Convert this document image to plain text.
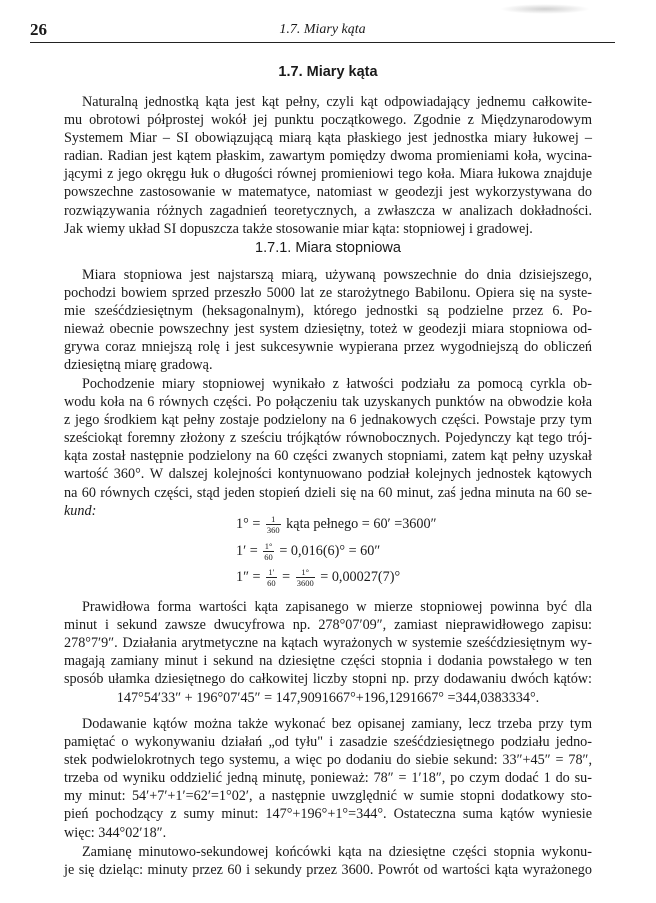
26	1.7. Miary kąta
1.7. Miary kąta
Naturalną jednostką kąta jest kąt pełny, czyli kąt odpowiadający jednemu całkowite-
mu obrotowi półprostej wokół jej punktu początkowego. Zgodnie z Międzynarodowym
Systemem Miar – SI obowiązującą miarą kąta płaskiego jest jednostka miary łukowej –
radian. Radian jest kątem płaskim, zawartym pomiędzy dwoma promieniami koła, wycina-
jącymi z jego okręgu łuk o długości równej promieniowi tego koła. Miara łukowa znajduje
powszechne zastosowanie w matematyce, natomiast w geodezji jest wykorzystywana do
rozwiązywania różnych zagadnień teoretycznych, a zwłaszcza w analizach dokładności.
Jak wiemy układ SI dopuszcza także stosowanie miar kąta: stopniowej i gradowej.
1.7.1. Miara stopniowa
Miara stopniowa jest najstarszą miarą, używaną powszechnie do dnia dzisiejszego,
pochodzi bowiem sprzed przeszło 5000 lat ze starożytnego Babilonu. Opiera się na syste-
mie sześćdziesiętnym (heksagonalnym), którego jednostki są podzielne przez 6. Po-
nieważ obecnie powszechny jest system dziesiętny, toteż w geodezji miara stopniowa od-
grywa coraz mniejszą rolę i jest sukcesywnie wypierana przez wygodniejszą do obliczeń
dziesiętną miarę gradową.
Pochodzenie miary stopniowej wynikało z łatwości podziału za pomocą cyrkla ob-
wodu koła na 6 równych części. Po połączeniu tak uzyskanych punktów na obwodzie koła
z jego środkiem kąt pełny zostaje podzielony na 6 jednakowych części. Powstaje przy tym
sześciokąt foremny złożony z sześciu trójkątów równobocznych. Pojedynczy kąt tego trój-
kąta został następnie podzielony na 60 części zwanych stopniami, zatem kąt pełny uzyskał
wartość 360°. W dalszej kolejności kontynuowano podział kolejnych jednostek kątowych
na 60 równych części, stąd jeden stopień dzieli się na 60 minut, zaś jedna minuta na 60 se-
kund:
$1^\circ = \frac{1}{360}$ kąta pełnego = 60′ =3600″
$1' = \frac{1^\circ}{60} = 0,016(6)^\circ = 60''$
$1'' = \frac{1'}{60} = \frac{1^\circ}{3600} = 0,00027(7)^\circ$
Prawidłowa forma wartości kąta zapisanego w mierze stopniowej powinna być dla
minut i sekund zawsze dwucyfrowa np. 278°07′09″, zamiast nieprawidłowego zapisu:
278°7′9″. Działania arytmetyczne na kątach wyrażonych w systemie sześćdziesiętnym wy-
magają zamiany minut i sekund na dziesiętne części stopnia i dodania powstałego w ten
sposób ułamka dziesiętnego do całkowitej liczby stopni np. przy dodawaniu dwóch kątów:
147°54′33″ + 196°07′45″ = 147,9091667°+196,1291667° =344,0383334°.
Dodawanie kątów można także wykonać bez opisanej zamiany, lecz trzeba przy tym
pamiętać o wykonywaniu działań „od tyłu" i zasadzie sześćdziesiętnego podziału jedno-
stek podwielokrotnych tego systemu, a więc po dodaniu do siebie sekund: 33″+45″ = 78″,
trzeba od wyniku oddzielić jedną minutę, ponieważ: 78″ = 1′18″, po czym dodać 1 do su-
my minut: 54′+7′+1′=62′=1°02′, a następnie uwzględnić w sumie stopni dodatkowy sto-
pień pochodzący z sumy minut: 147°+196°+1°=344°. Ostateczna suma kątów wyniesie
więc: 344°02′18″.
Zamianę minutowo-sekundowej końcówki kąta na dziesiętne części stopnia wykonu-
je się dzieląc: minuty przez 60 i sekundy przez 3600. Powrót od wartości kąta wyrażonego
